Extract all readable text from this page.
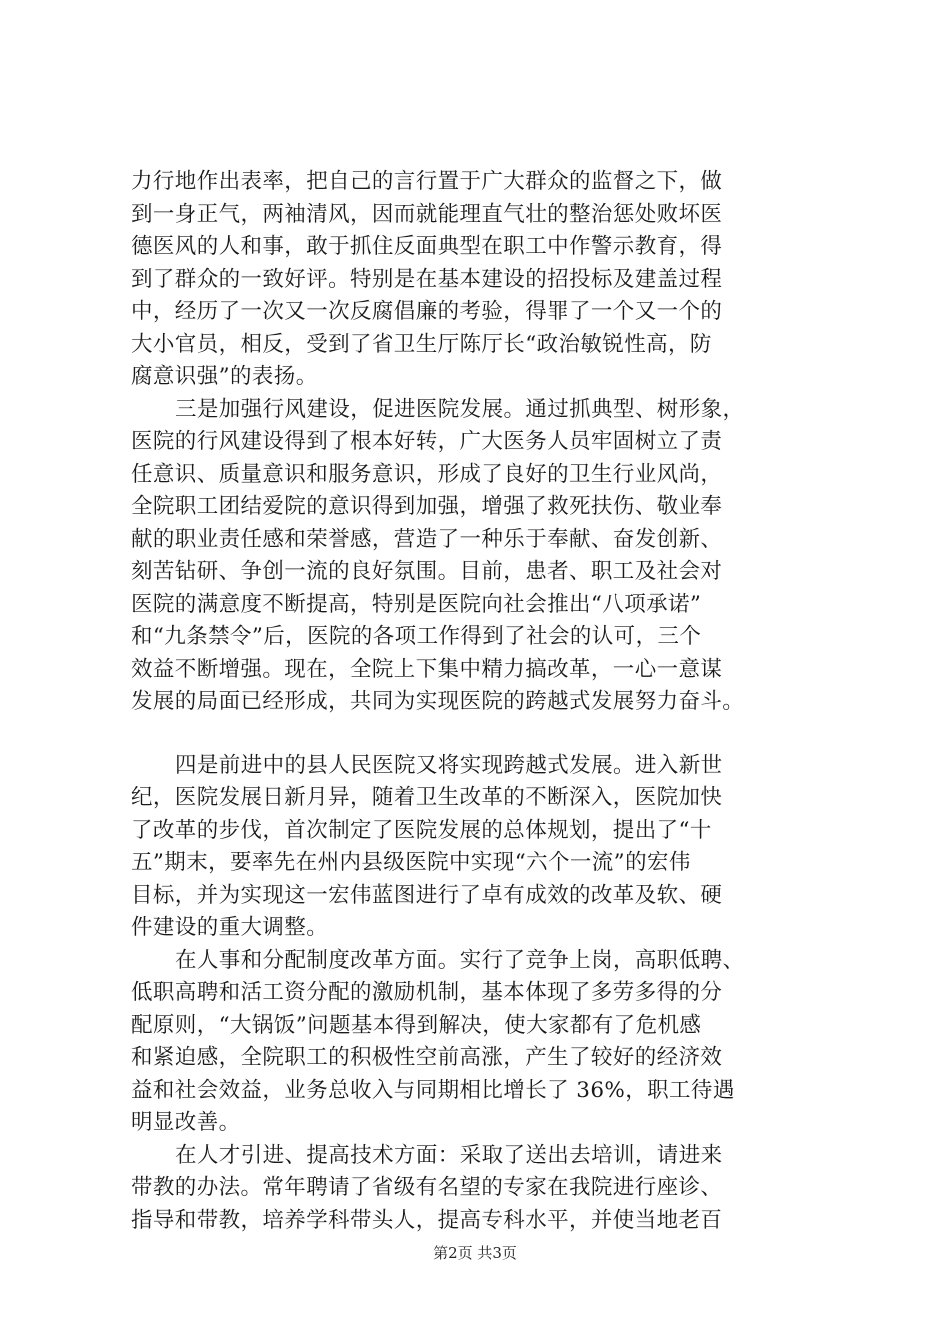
力行地作出表率，把自己的言行置于广大群众的监督之下，做
到一身正气，两袖清风，因而就能理直气壮的整治惩处败坏医
德医风的人和事，敢于抓住反面典型在职工中作警示教育，得
到了群众的一致好评。特别是在基本建设的招投标及建盖过程
中，经历了一次又一次反腐倡廉的考验，得罪了一个又一个的
大小官员，相反，受到了省卫生厅陈厅长“政治敏锐性高，防
腐意识强”的表扬。
三是加强行风建设，促进医院发展。通过抓典型、树形象，
医院的行风建设得到了根本好转，广大医务人员牢固树立了责
任意识、质量意识和服务意识，形成了良好的卫生行业风尚，
全院职工团结爱院的意识得到加强，增强了救死扶伤、敬业奉
献的职业责任感和荣誉感，营造了一种乐于奉献、奋发创新、
刻苦钻研、争创一流的良好氛围。目前，患者、职工及社会对
医院的满意度不断提高，特别是医院向社会推出“八项承诺”
和“九条禁令”后，医院的各项工作得到了社会的认可，三个
效益不断增强。现在，全院上下集中精力搞改革，一心一意谋
发展的局面已经形成，共同为实现医院的跨越式发展努力奋斗。
四是前进中的县人民医院又将实现跨越式发展。进入新世
纪，医院发展日新月异，随着卫生改革的不断深入，医院加快
了改革的步伐，首次制定了医院发展的总体规划，提出了“十
五”期末，要率先在州内县级医院中实现“六个一流”的宏伟
目标，并为实现这一宏伟蓝图进行了卓有成效的改革及软、硬
件建设的重大调整。
在人事和分配制度改革方面。实行了竞争上岗，高职低聘、
低职高聘和活工资分配的激励机制，基本体现了多劳多得的分
配原则，“大锅饭”问题基本得到解决，使大家都有了危机感
和紧迫感，全院职工的积极性空前高涨，产生了较好的经济效
益和社会效益，业务总收入与同期相比增长了 36%，职工待遇
明显改善。
在人才引进、提高技术方面：采取了送出去培训，请进来
带教的办法。常年聘请了省级有名望的专家在我院进行座诊、
指导和带教，培养学科带头人，提高专科水平，并使当地老百
第2页 共3页
